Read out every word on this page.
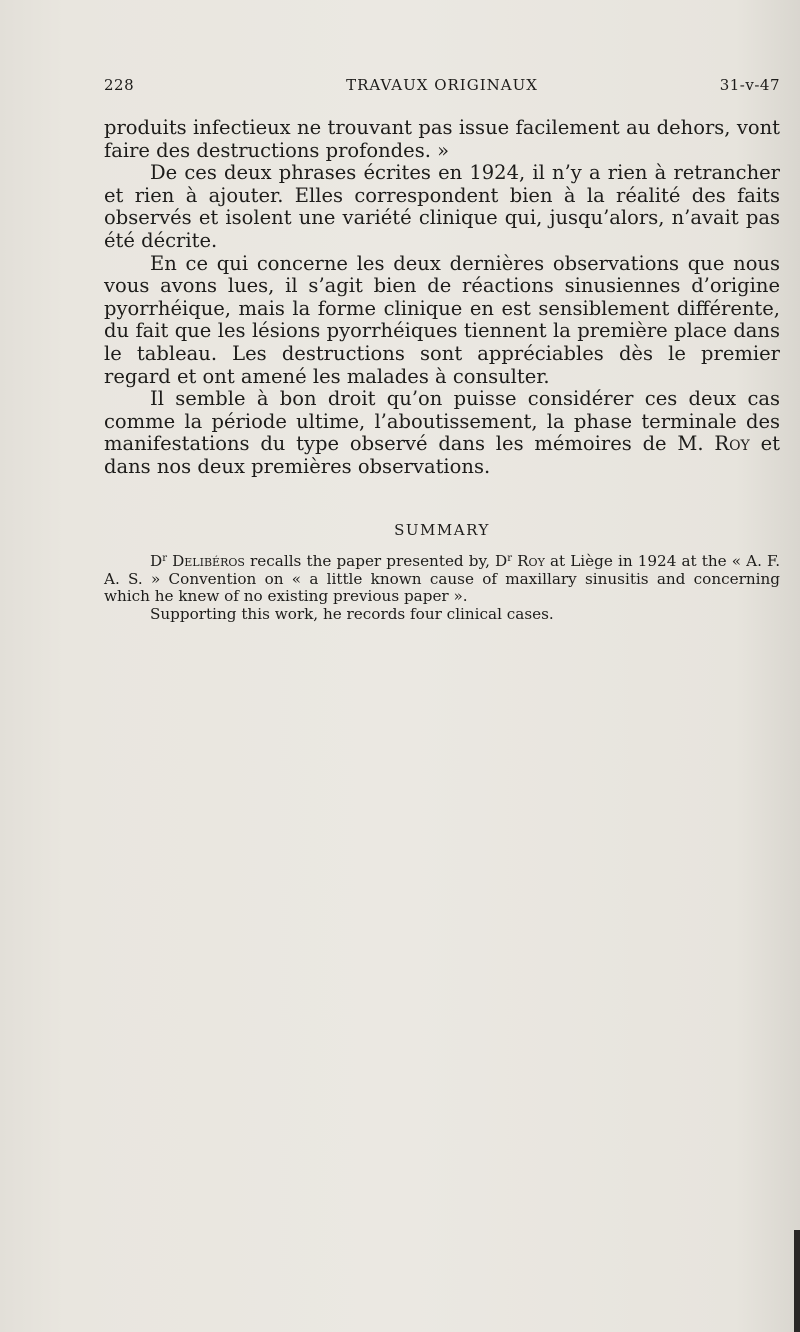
228	TRAVAUX ORIGINAUX	31-v-47

produits infectieux ne trouvant pas issue facilement au dehors, vont faire des destructions profondes. »

De ces deux phrases écrites en 1924, il n’y a rien à retrancher et rien à ajouter. Elles correspondent bien à la réalité des faits observés et isolent une variété clinique qui, jusqu’alors, n’avait pas été décrite.

En ce qui concerne les deux dernières observations que nous vous avons lues, il s’agit bien de réactions sinusiennes d’origine pyorrhéique, mais la forme clinique en est sensiblement différente, du fait que les lésions pyorrhéiques tiennent la première place dans le tableau. Les destructions sont appréciables dès le premier regard et ont amené les malades à consulter.

Il semble à bon droit qu’on puisse considérer ces deux cas comme la période ultime, l’aboutissement, la phase terminale des manifestations du type observé dans les mémoires de M. Roy et dans nos deux premières observations.

SUMMARY

$D^r$ Delibéros recalls the paper presented by, $D^r$ Roy at Liège in 1924 at the « A. F. A. S. » Convention on « a little known cause of maxillary sinusitis and concerning which he knew of no existing previous paper ».

Supporting this work, he records four clinical cases.
